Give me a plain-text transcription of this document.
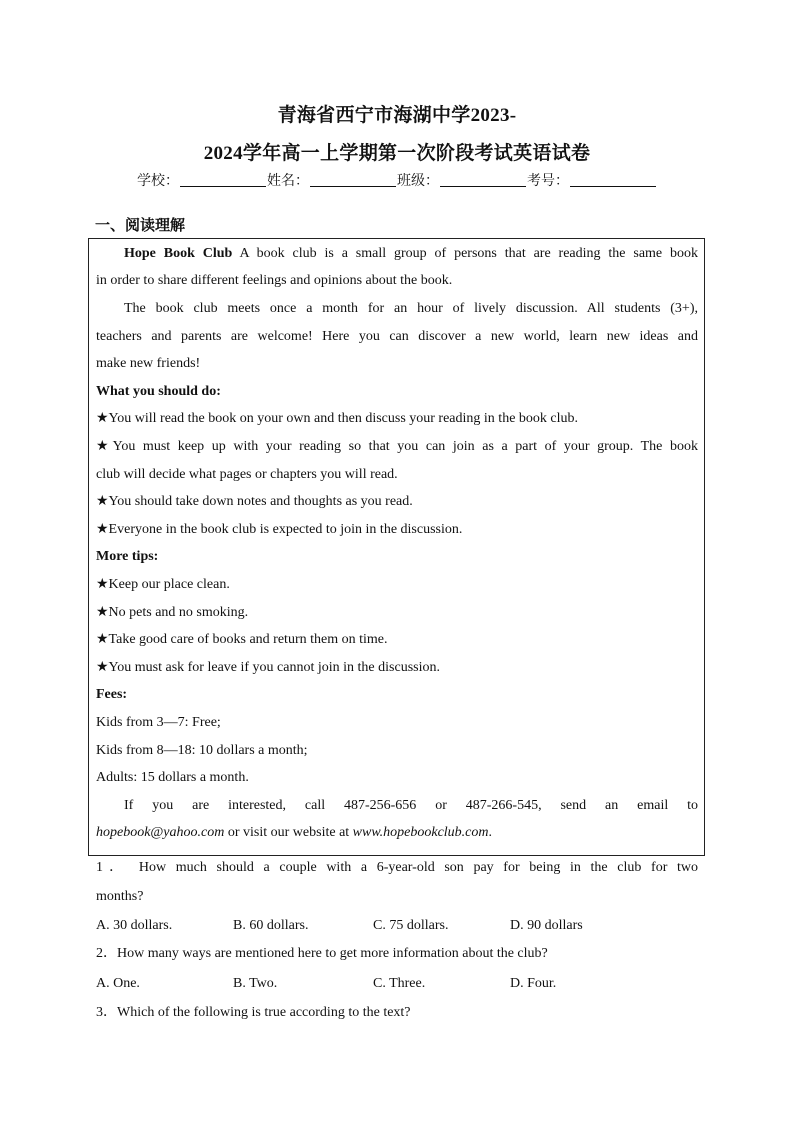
青海省西宁市海湖中学2023-
2024学年高一上学期第一次阶段考试英语试卷
学校：	姓名：	班级：	考号：
一、阅读理解
Hope Book Club A book club is a small group of persons that are reading the same book
in order to share different feelings and opinions about the book.
The book club meets once a month for an hour of lively discussion. All students (3+),
teachers and parents are welcome! Here you can discover a new world, learn new ideas and
make new friends!
What you should do:
★You will read the book on your own and then discuss your reading in the book club.
★You must keep up with your reading so that you can join as a part of your group. The book
club will decide what pages or chapters you will read.
★You should take down notes and thoughts as you read.
★Everyone in the book club is expected to join in the discussion.
More tips:
★Keep our place clean.
★No pets and no smoking.
★Take good care of books and return them on time.
★You must ask for leave if you cannot join in the discussion.
Fees:
Kids from 3—7: Free;
Kids from 8—18: 10 dollars a month;
Adults: 15 dollars a month.
If you are interested, call 487-256-656 or 487-266-545, send an email to
hopebook@yahoo.com or visit our website at www.hopebookclub.com.
1． How much should a couple with a 6-year-old son pay for being in the club for two
months?
A. 30 dollars.	B. 60 dollars.	C. 75 dollars.	D. 90 dollars
2．How many ways are mentioned here to get more information about the club?
A. One.	B. Two.	C. Three.	D. Four.
3．Which of the following is true according to the text?
